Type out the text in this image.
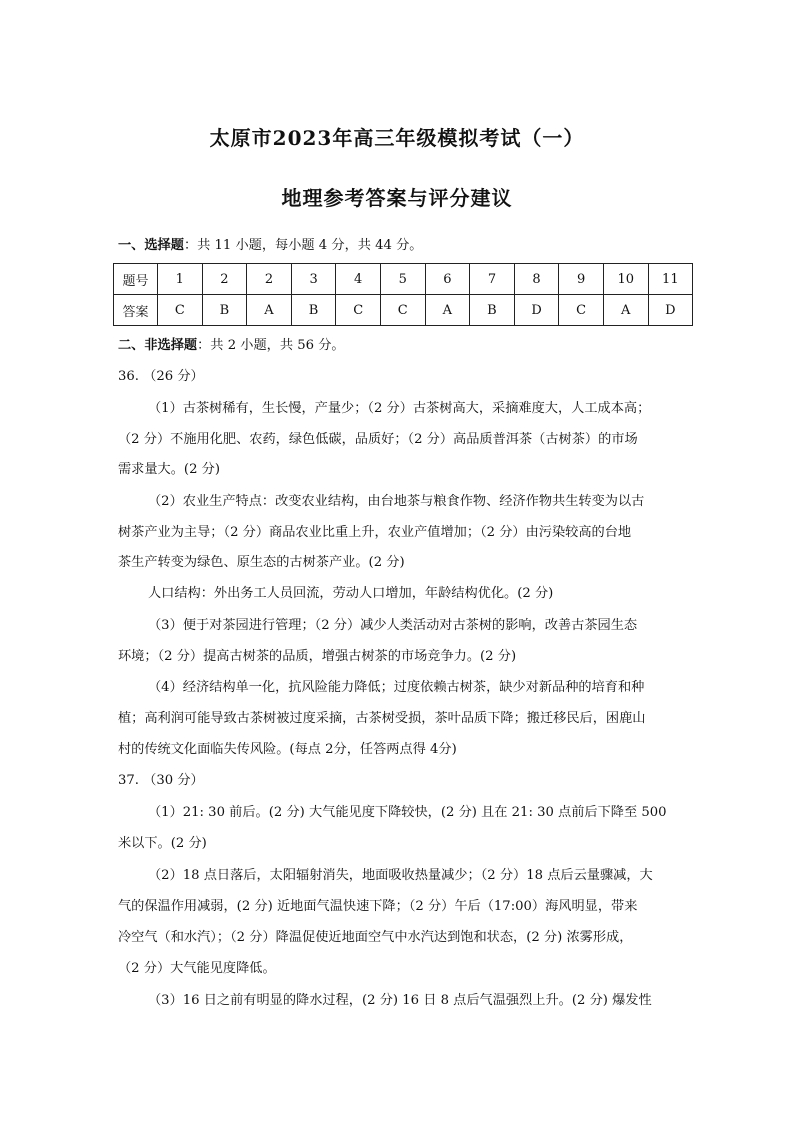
太原市2023年高三年级模拟考试（一）
地理参考答案与评分建议
一、选择题：共 11 小题，每小题 4 分，共 44 分。
题号	1	2	2	3	4	5	6	7	8	9	10	11
答案	C	B	A	B	C	C	A	B	D	C	A	D
二、非选择题：共 2 小题，共 56 分。
36. （26 分）
（1）古茶树稀有，生长慢，产量少；（2 分）古茶树高大，采摘难度大，人工成本高；
（2 分）不施用化肥、农药，绿色低碳，品质好；（2 分）高品质普洱茶（古树茶）的市场
需求量大。(2 分)
（2）农业生产特点：改变农业结构，由台地茶与粮食作物、经济作物共生转变为以古
树茶产业为主导；（2 分）商品农业比重上升，农业产值增加；（2 分）由污染较高的台地
茶生产转变为绿色、原生态的古树茶产业。(2 分)
人口结构：外出务工人员回流，劳动人口增加，年龄结构优化。(2 分)
（3）便于对茶园进行管理；（2 分）减少人类活动对古茶树的影响，改善古茶园生态
环境；（2 分）提高古树茶的品质，增强古树茶的市场竞争力。(2 分)
（4）经济结构单一化，抗风险能力降低；过度依赖古树茶，缺少对新品种的培育和种
植；高利润可能导致古茶树被过度采摘，古茶树受损，茶叶品质下降；搬迁移民后，困鹿山
村的传统文化面临失传风险。(每点 2分，任答两点得 4分)
37. （30 分）
（1）21: 30 前后。(2 分) 大气能见度下降较快，(2 分) 且在 21: 30 点前后下降至 500
米以下。(2 分)
（2）18 点日落后，太阳辐射消失，地面吸收热量减少；（2 分）18 点后云量骤减，大
气的保温作用减弱，(2 分) 近地面气温快速下降；（2 分）午后（17:00）海风明显，带来
冷空气（和水汽）；（2 分）降温促使近地面空气中水汽达到饱和状态，(2 分) 浓雾形成，
（2 分）大气能见度降低。
（3）16 日之前有明显的降水过程，(2 分) 16 日 8 点后气温强烈上升。(2 分) 爆发性
